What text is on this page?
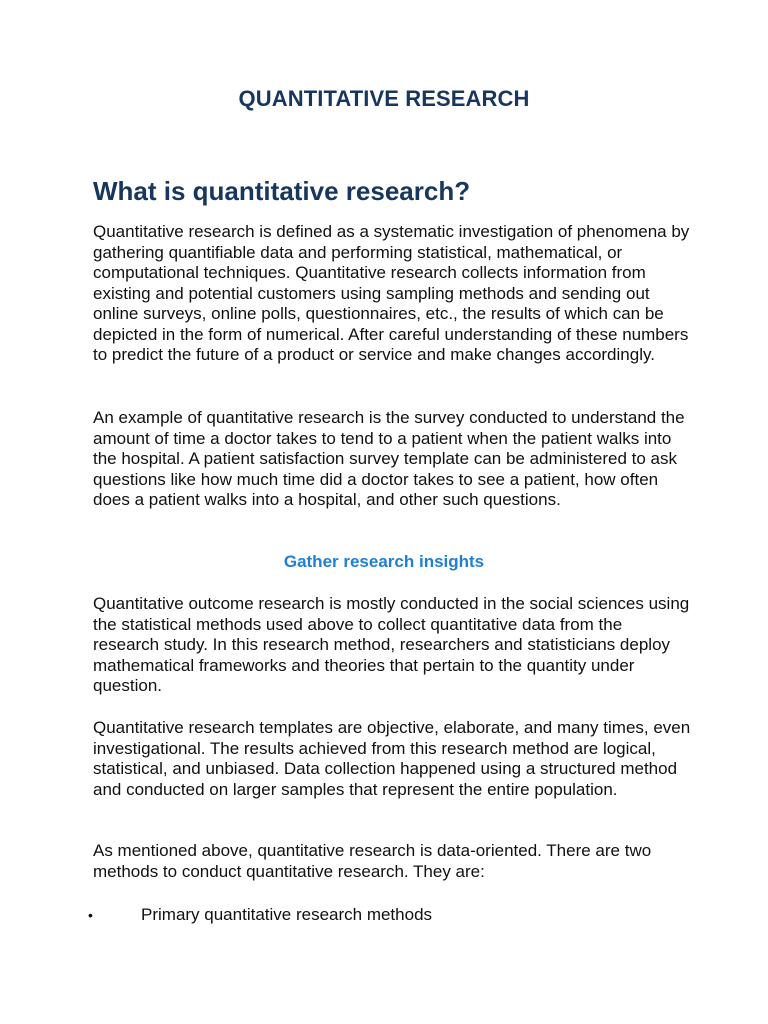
QUANTITATIVE RESEARCH
What is quantitative research?

Quantitative research is defined as a systematic investigation of phenomena by gathering quantifiable data and performing statistical, mathematical, or computational techniques. Quantitative research collects information from existing and potential customers using sampling methods and sending out online surveys, online polls, questionnaires, etc., the results of which can be depicted in the form of numerical. After careful understanding of these numbers to predict the future of a product or service and make changes accordingly.

An example of quantitative research is the survey conducted to understand the amount of time a doctor takes to tend to a patient when the patient walks into the hospital. A patient satisfaction survey template can be administered to ask questions like how much time did a doctor takes to see a patient, how often does a patient walks into a hospital, and other such questions.

Gather research insights

Quantitative outcome research is mostly conducted in the social sciences using the statistical methods used above to collect quantitative data from the research study. In this research method, researchers and statisticians deploy mathematical frameworks and theories that pertain to the quantity under question.

Quantitative research templates are objective, elaborate, and many times, even investigational. The results achieved from this research method are logical, statistical, and unbiased. Data collection happened using a structured method and conducted on larger samples that represent the entire population.

As mentioned above, quantitative research is data-oriented. There are two methods to conduct quantitative research. They are:

•	Primary quantitative research methods
